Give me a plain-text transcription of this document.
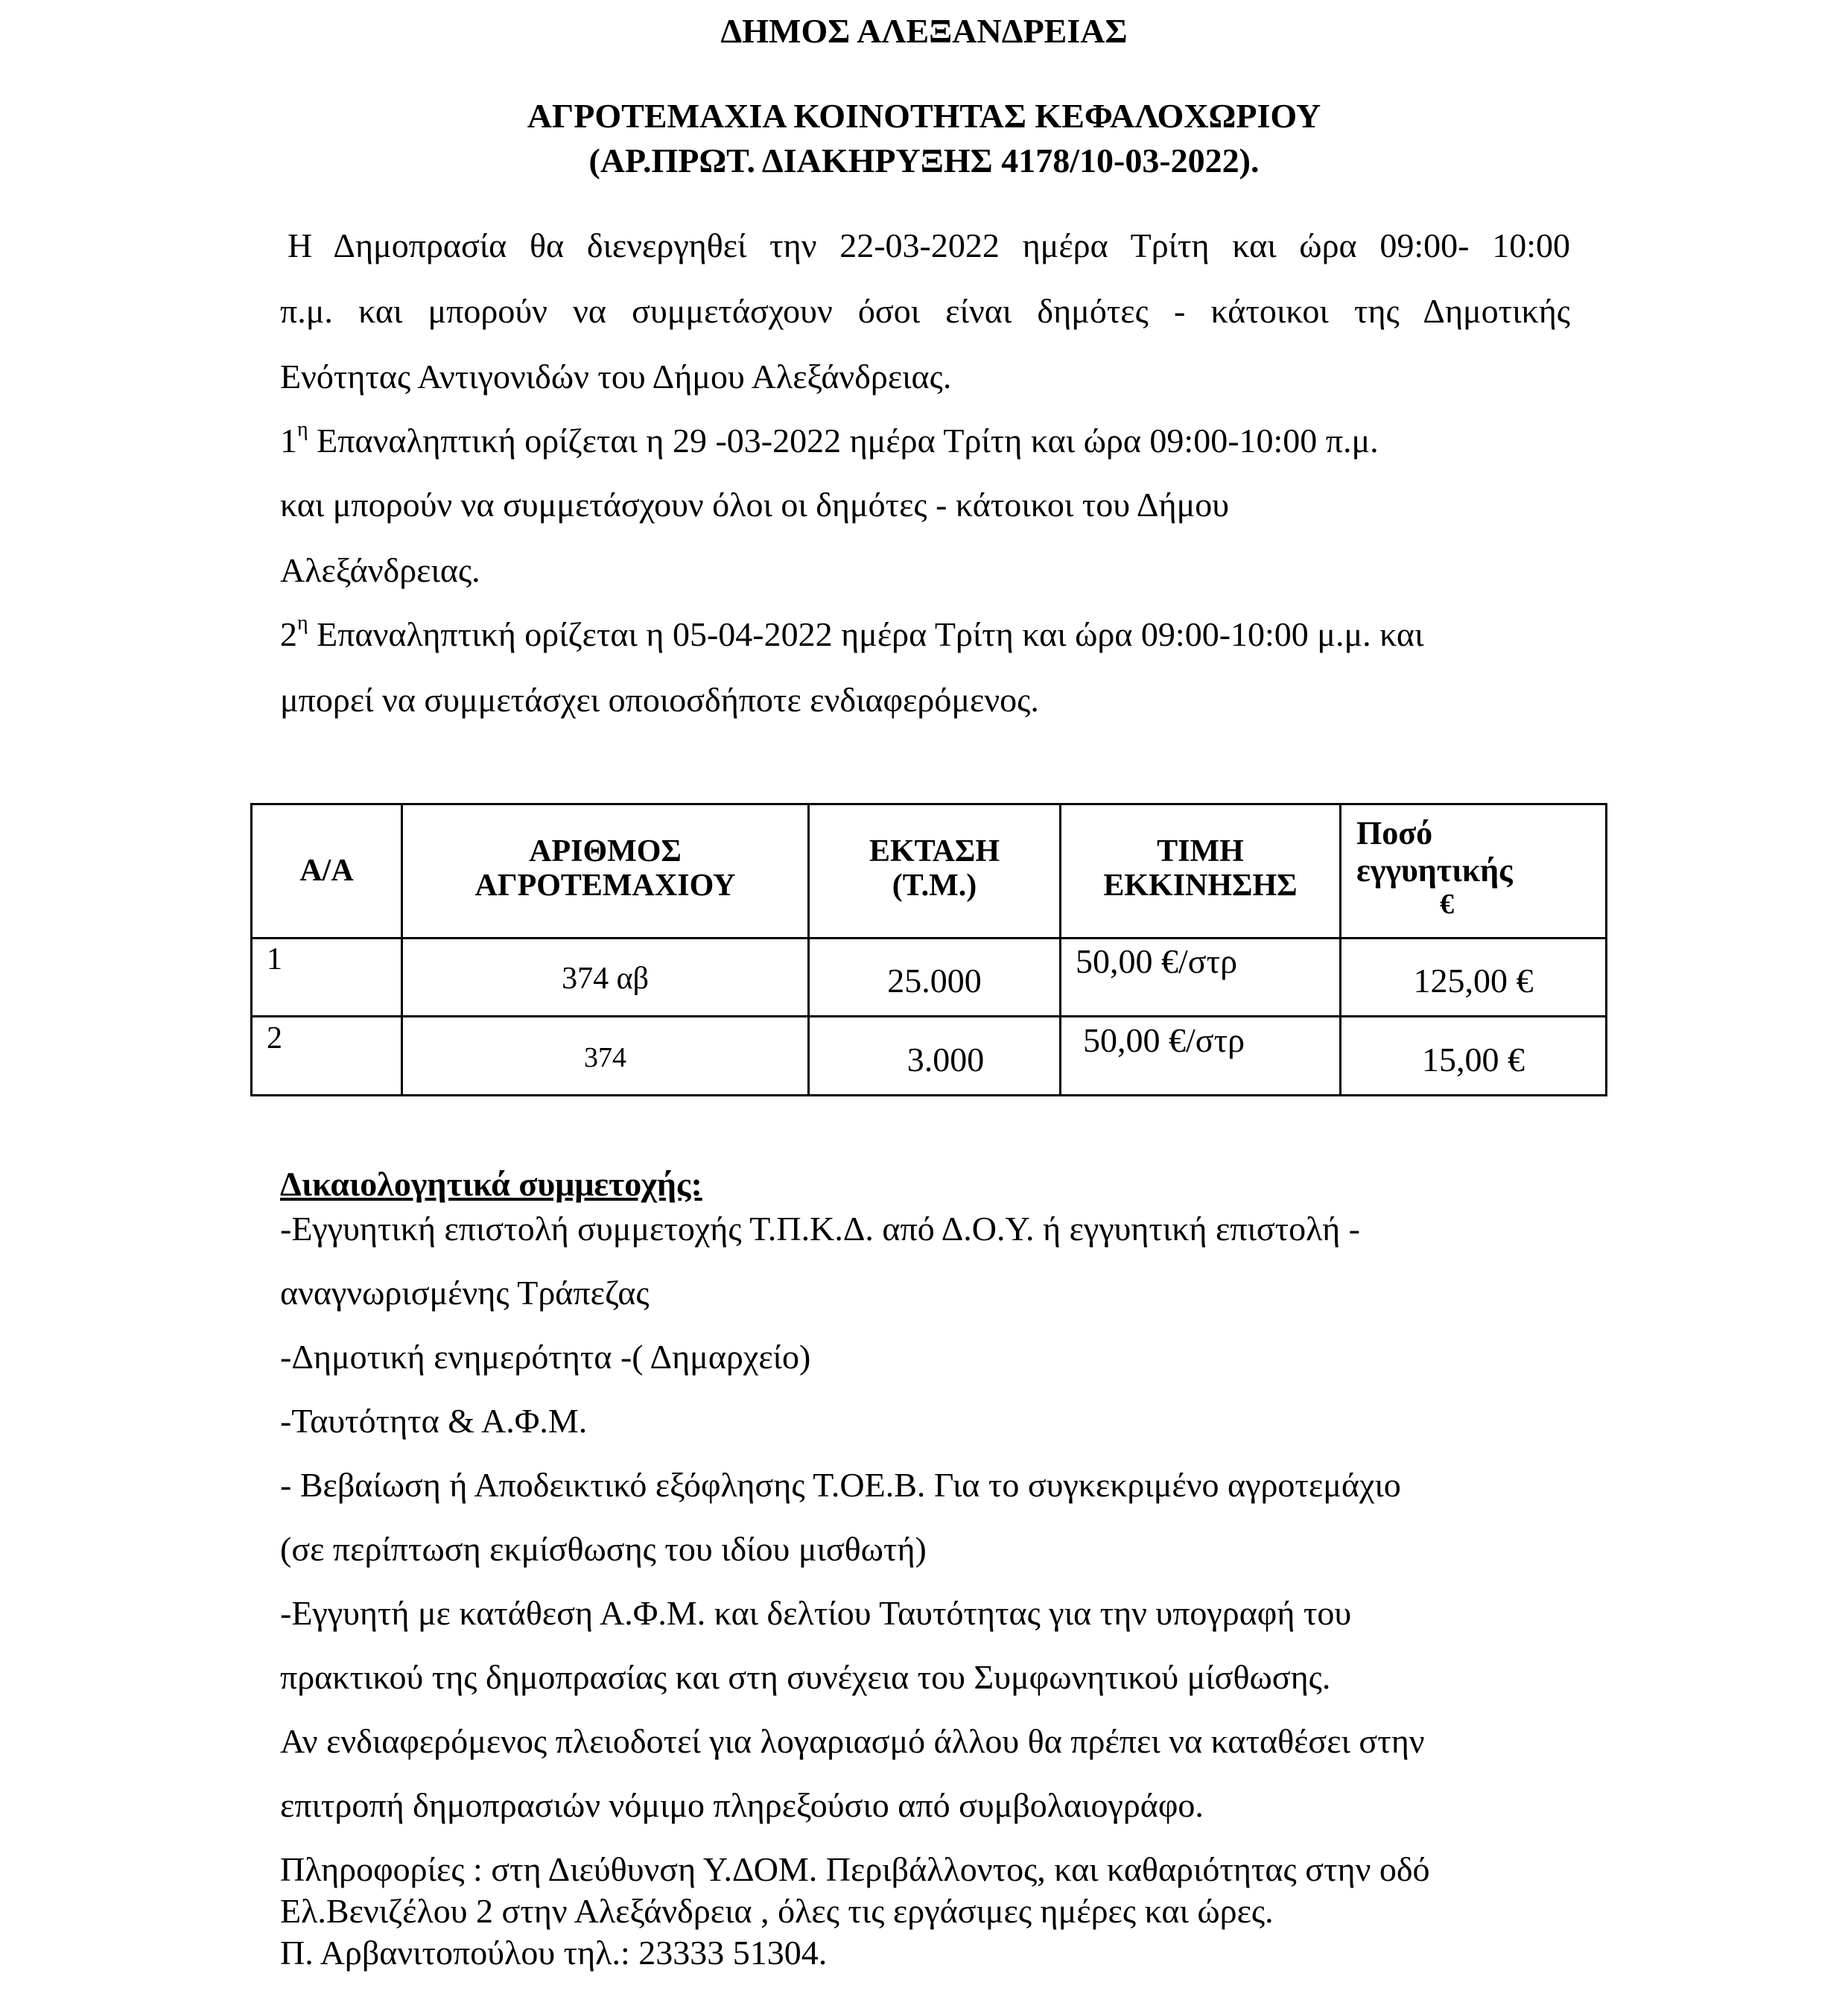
ΔΗΜΟΣ ΑΛΕΞΑΝΔΡΕΙΑΣ
ΑΓΡΟΤΕΜΑΧΙΑ ΚΟΙΝΟΤΗΤΑΣ ΚΕΦΑΛΟΧΩΡΙΟΥ
(ΑΡ.ΠΡΩΤ. ΔΙΑΚΗΡΥΞΗΣ 4178/10-03-2022).
Η Δημοπρασία θα διενεργηθεί την 22-03-2022 ημέρα Τρίτη και ώρα 09:00- 10:00
π.μ. και μπορούν να συμμετάσχουν όσοι είναι δημότες - κάτοικοι της Δημοτικής
Ενότητας Αντιγονιδών του Δήμου Αλεξάνδρειας.
$1^\eta$ Επαναληπτική ορίζεται η 29 -03-2022 ημέρα Τρίτη και ώρα 09:00-10:00 π.μ.
και μπορούν να συμμετάσχουν όλοι οι δημότες - κάτοικοι του Δήμου
Αλεξάνδρειας.
$2^\eta$ Επαναληπτική ορίζεται η 05-04-2022 ημέρα Τρίτη και ώρα 09:00-10:00 μ.μ. και
μπορεί να συμμετάσχει οποιοσδήποτε ενδιαφερόμενος.
Α/Α
ΑΡΙΘΜΟΣ
ΑΓΡΟΤΕΜΑΧΙΟΥ
ΕΚΤΑΣΗ
(Τ.Μ.)
ΤΙΜΗ
ΕΚΚΙΝΗΣΗΣ
Ποσό
εγγυητικής
€
1
374 αβ	25.000
50,00 €/στρ
125,00 €
2
374	3.000
50,00 €/στρ
15,00 €
Δικαιολογητικά συμμετοχής:
-Εγγυητική επιστολή συμμετοχής Τ.Π.Κ.Δ. από Δ.Ο.Υ. ή εγγυητική επιστολή -
αναγνωρισμένης Τράπεζας
-Δημοτική ενημερότητα -( Δημαρχείο)
-Ταυτότητα & Α.Φ.Μ.
- Βεβαίωση ή Αποδεικτικό εξόφλησης Τ.ΟΕ.Β. Για το συγκεκριμένο αγροτεμάχιο
(σε περίπτωση εκμίσθωσης του ιδίου μισθωτή)
-Εγγυητή με κατάθεση Α.Φ.Μ. και δελτίου Ταυτότητας για την υπογραφή του
πρακτικού της δημοπρασίας και στη συνέχεια του Συμφωνητικού μίσθωσης.
Αν ενδιαφερόμενος πλειοδοτεί για λογαριασμό άλλου θα πρέπει να καταθέσει στην
επιτροπή δημοπρασιών νόμιμο πληρεξούσιο από συμβολαιογράφο.
Πληροφορίες : στη Διεύθυνση Υ.ΔΟΜ. Περιβάλλοντος, και καθαριότητας στην οδό
Ελ.Βενιζέλου 2 στην Αλεξάνδρεια , όλες τις εργάσιμες ημέρες και ώρες.
Π. Αρβανιτοπούλου τηλ.: 23333 51304.
